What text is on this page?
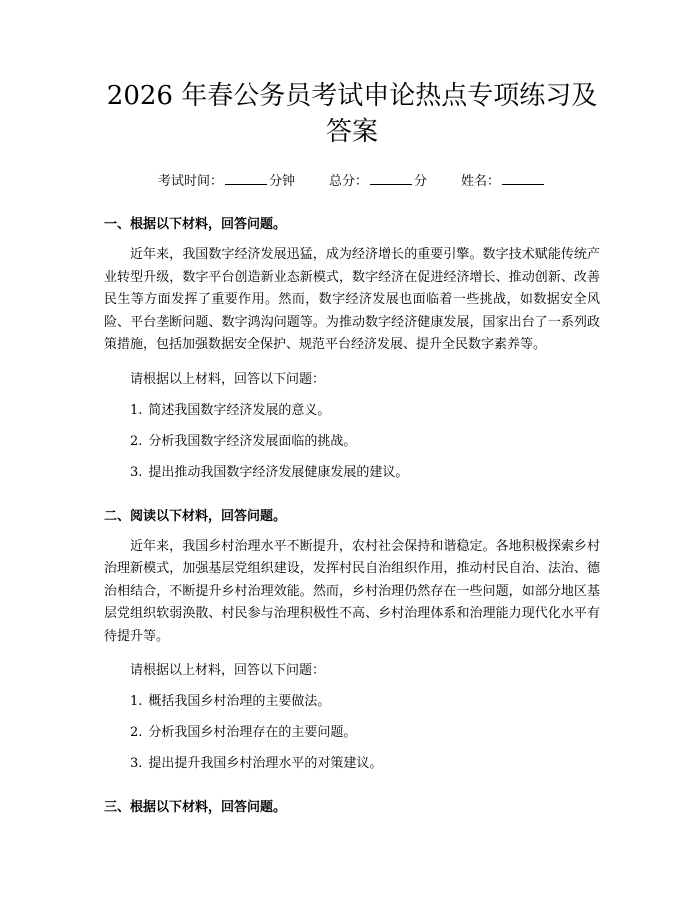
2026 年春公务员考试申论热点专项练习及答案
考试时间：	分钟	总分：	分	姓名：

一、根据以下材料，回答问题。

近年来，我国数字经济发展迅猛，成为经济增长的重要引擎。数字技术赋能传统产业转型升级，数字平台创造新业态新模式，数字经济在促进经济增长、推动创新、改善民生等方面发挥了重要作用。然而，数字经济发展也面临着一些挑战，如数据安全风险、平台垄断问题、数字鸿沟问题等。为推动数字经济健康发展，国家出台了一系列政策措施，包括加强数据安全保护、规范平台经济发展、提升全民数字素养等。

请根据以上材料，回答以下问题：

1. 简述我国数字经济发展的意义。
2. 分析我国数字经济发展面临的挑战。
3. 提出推动我国数字经济发展健康发展的建议。

二、阅读以下材料，回答问题。

近年来，我国乡村治理水平不断提升，农村社会保持和谐稳定。各地积极探索乡村治理新模式，加强基层党组织建设，发挥村民自治组织作用，推动村民自治、法治、德治相结合，不断提升乡村治理效能。然而，乡村治理仍然存在一些问题，如部分地区基层党组织软弱涣散、村民参与治理积极性不高、乡村治理体系和治理能力现代化水平有待提升等。

请根据以上材料，回答以下问题：

1. 概括我国乡村治理的主要做法。
2. 分析我国乡村治理存在的主要问题。
3. 提出提升我国乡村治理水平的对策建议。

三、根据以下材料，回答问题。
